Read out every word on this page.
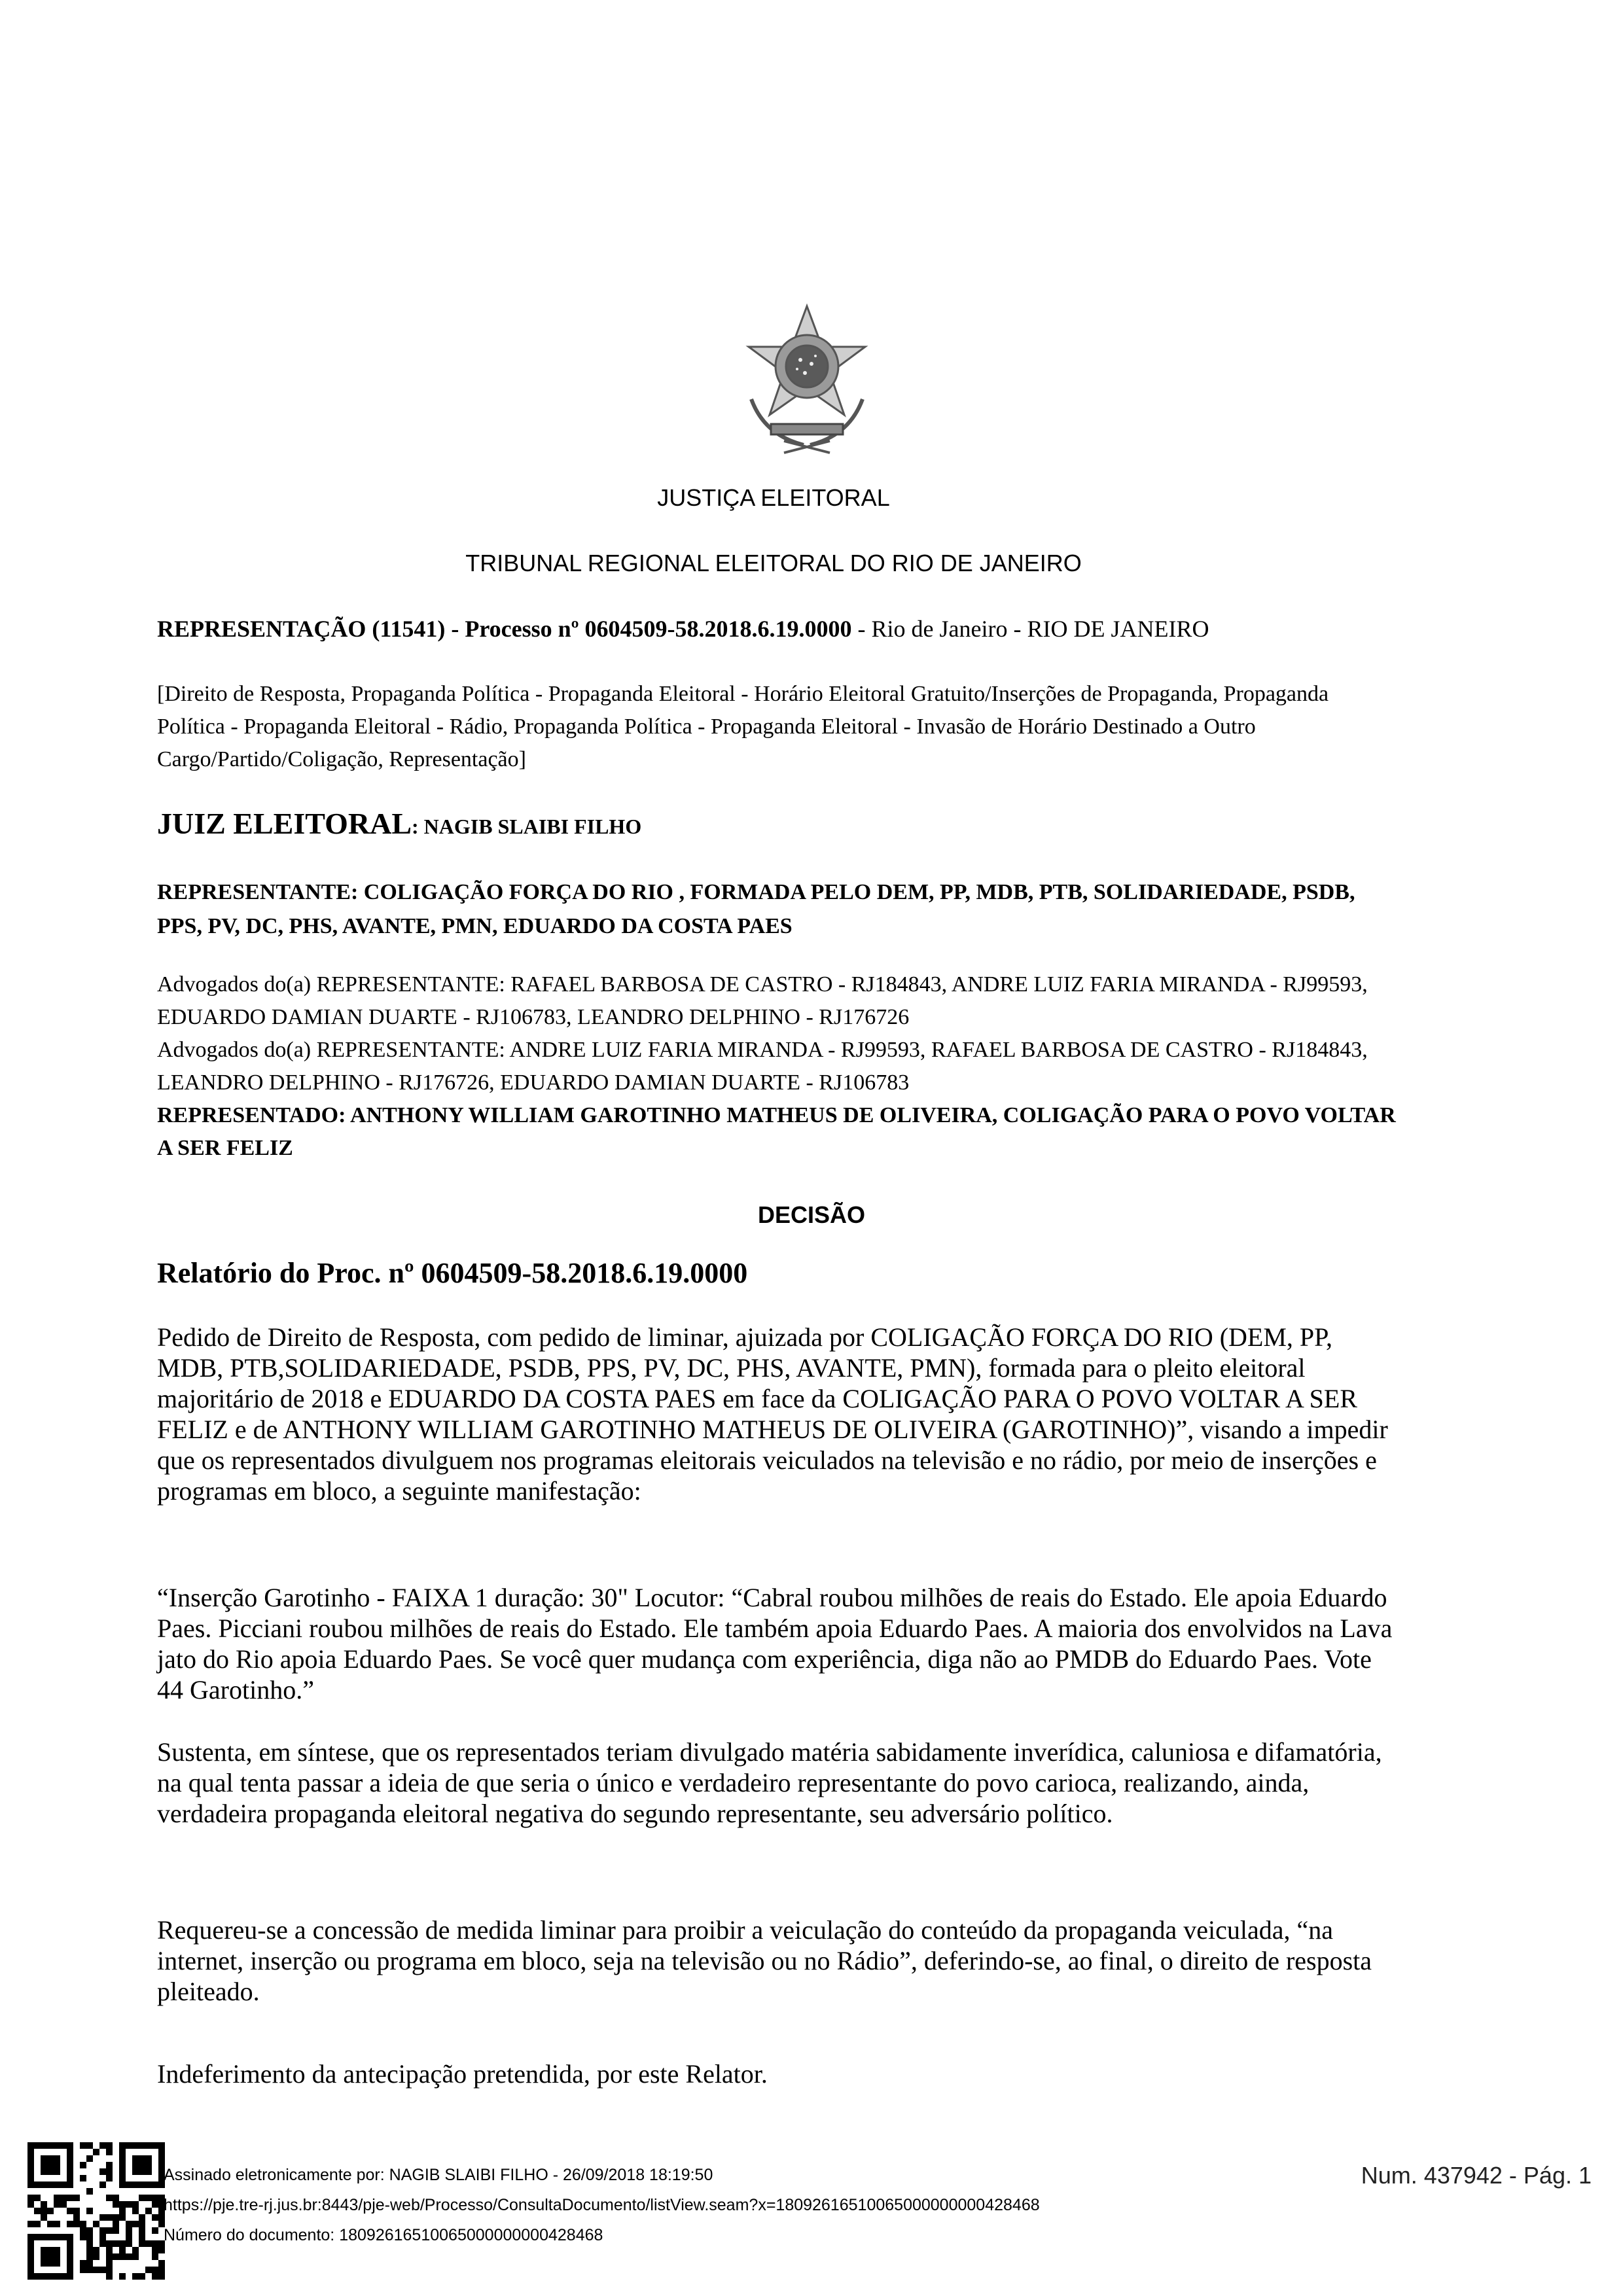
JUSTIÇA ELEITORAL
TRIBUNAL REGIONAL ELEITORAL DO RIO DE JANEIRO
REPRESENTAÇÃO (11541) - Processo nº 0604509-58.2018.6.19.0000 - Rio de Janeiro - RIO DE JANEIRO
[Direito de Resposta, Propaganda Política - Propaganda Eleitoral - Horário Eleitoral Gratuito/Inserções de Propaganda, Propaganda Política - Propaganda Eleitoral - Rádio, Propaganda Política - Propaganda Eleitoral - Invasão de Horário Destinado a Outro Cargo/Partido/Coligação, Representação]
JUIZ ELEITORAL: NAGIB SLAIBI FILHO
REPRESENTANTE: COLIGAÇÃO FORÇA DO RIO , FORMADA PELO DEM, PP, MDB, PTB, SOLIDARIEDADE, PSDB, PPS, PV, DC, PHS, AVANTE, PMN, EDUARDO DA COSTA PAES
Advogados do(a) REPRESENTANTE: RAFAEL BARBOSA DE CASTRO - RJ184843, ANDRE LUIZ FARIA MIRANDA - RJ99593, EDUARDO DAMIAN DUARTE - RJ106783, LEANDRO DELPHINO - RJ176726
Advogados do(a) REPRESENTANTE: ANDRE LUIZ FARIA MIRANDA - RJ99593, RAFAEL BARBOSA DE CASTRO - RJ184843, LEANDRO DELPHINO - RJ176726, EDUARDO DAMIAN DUARTE - RJ106783
REPRESENTADO: ANTHONY WILLIAM GAROTINHO MATHEUS DE OLIVEIRA, COLIGAÇÃO PARA O POVO VOLTAR A SER FELIZ
DECISÃO
Relatório do Proc. nº 0604509-58.2018.6.19.0000
Pedido de Direito de Resposta, com pedido de liminar, ajuizada por COLIGAÇÃO FORÇA DO RIO (DEM, PP, MDB, PTB,SOLIDARIEDADE, PSDB, PPS, PV, DC, PHS, AVANTE, PMN), formada para o pleito eleitoral majoritário de 2018 e EDUARDO DA COSTA PAES em face da COLIGAÇÃO PARA O POVO VOLTAR A SER FELIZ e de ANTHONY WILLIAM GAROTINHO MATHEUS DE OLIVEIRA (GAROTINHO)”, visando a impedir que os representados divulguem nos programas eleitorais veiculados na televisão e no rádio, por meio de inserções e programas em bloco, a seguinte manifestação:
“Inserção Garotinho - FAIXA 1 duração: 30" Locutor: “Cabral roubou milhões de reais do Estado. Ele apoia Eduardo Paes. Picciani roubou milhões de reais do Estado. Ele também apoia Eduardo Paes. A maioria dos envolvidos na Lava jato do Rio apoia Eduardo Paes. Se você quer mudança com experiência, diga não ao PMDB do Eduardo Paes. Vote 44 Garotinho.”
Sustenta, em síntese, que os representados teriam divulgado matéria sabidamente inverídica, caluniosa e difamatória, na qual tenta passar a ideia de que seria o único e verdadeiro representante do povo carioca, realizando, ainda, verdadeira propaganda eleitoral negativa do segundo representante, seu adversário político.
Requereu-se a concessão de medida liminar para proibir a veiculação do conteúdo da propaganda veiculada, “na internet, inserção ou programa em bloco, seja na televisão ou no Rádio”, deferindo-se, ao final, o direito de resposta pleiteado.
Indeferimento da antecipação pretendida, por este Relator.
Assinado eletronicamente por: NAGIB SLAIBI FILHO - 26/09/2018 18:19:50
https://pje.tre-rj.jus.br:8443/pje-web/Processo/ConsultaDocumento/listView.seam?x=18092616510065000000000428468
Número do documento: 18092616510065000000000428468
Num. 437942 - Pág. 1
